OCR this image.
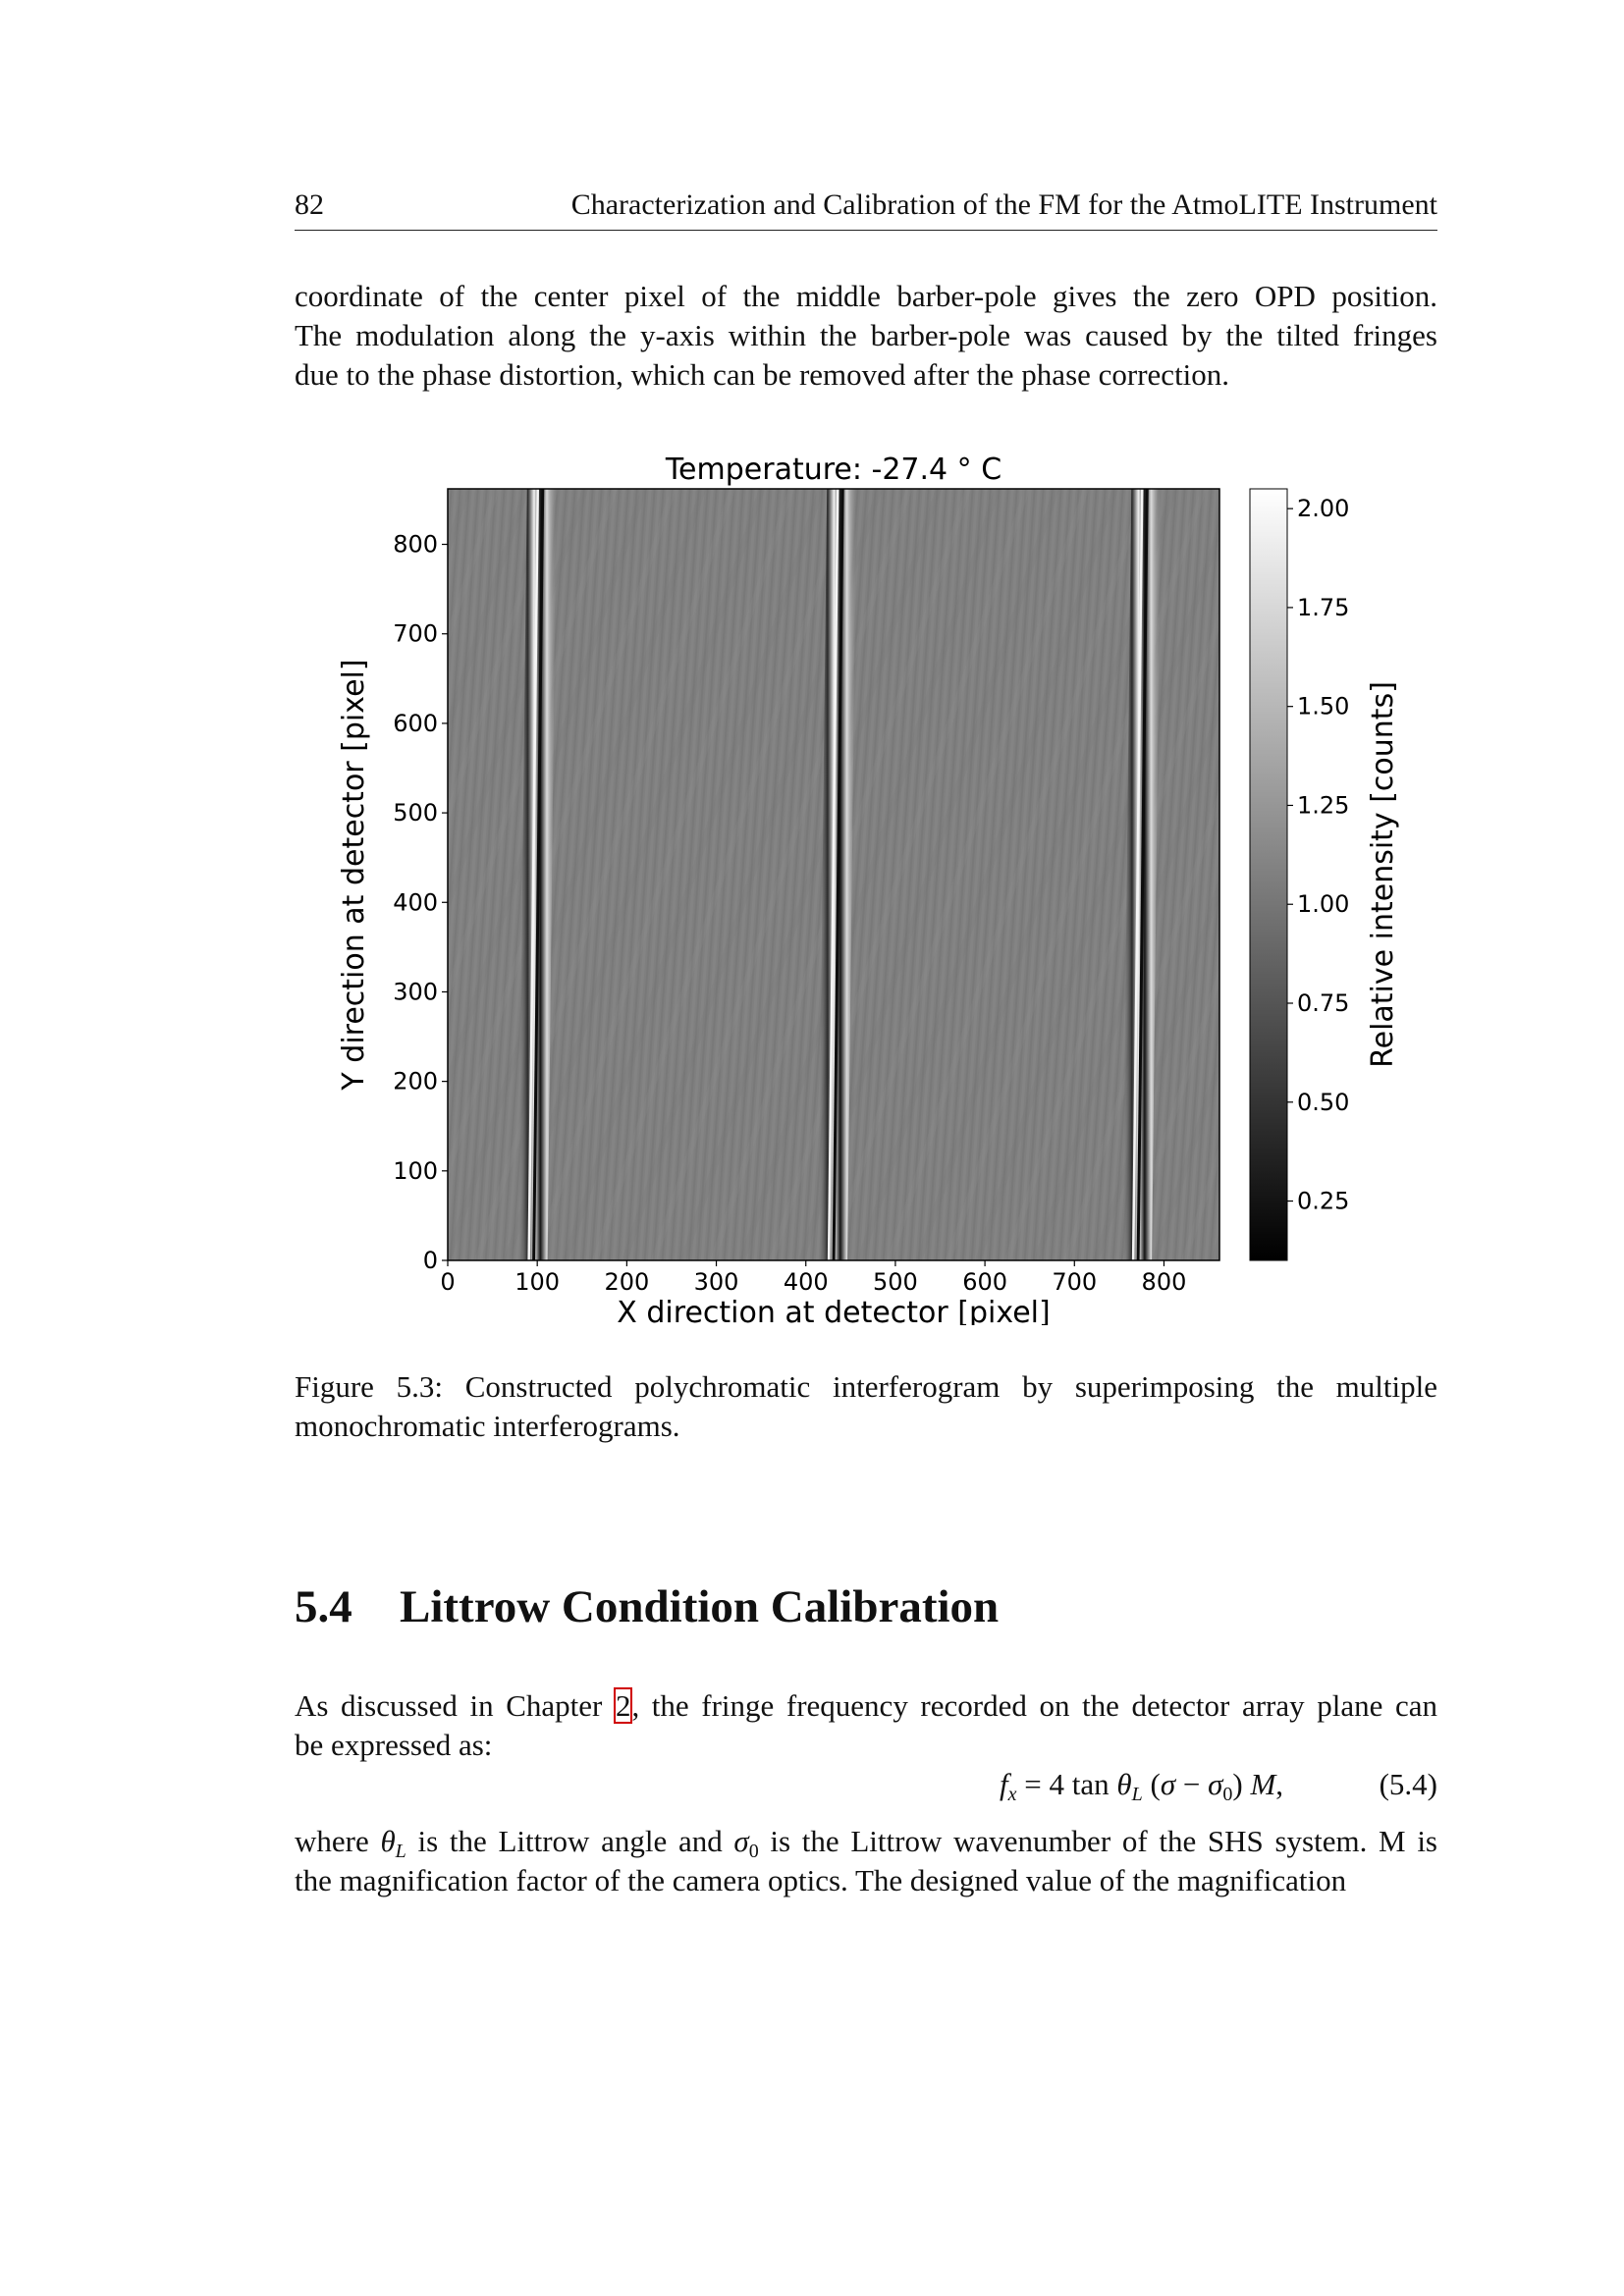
82	Characterization and Calibration of the FM for the AtmoLITE Instrument

coordinate of the center pixel of the middle barber-pole gives the zero OPD position.
The modulation along the y-axis within the barber-pole was caused by the tilted fringes
due to the phase distortion, which can be removed after the phase correction.

0	100 200 300 400 500 600 700 800
0
100
200
300
400
500
600
700
800
Temperature: -27.4 ° C
X direction at detector [pixel]
Y direction at detector [pixel]
2.00
1.75
1.50
1.25
1.00
0.75
0.50
0.25
Relative intensity [counts]
Figure 5.3: Constructed polychromatic interferogram by superimposing the multiple
monochromatic interferograms.
5.4 Littrow Condition Calibration

As discussed in Chapter 2, the fringe frequency recorded on the detector array plane can
be expressed as:

$f_x = 4$ $\tan \theta_L$ $(\sigma - \sigma_0)$ M,	(5.4)

where $\theta_L$ is the Littrow angle and $\sigma_0$ is the Littrow wavenumber of the SHS system. M is
the magnification factor of the camera optics. The designed value of the magnification
